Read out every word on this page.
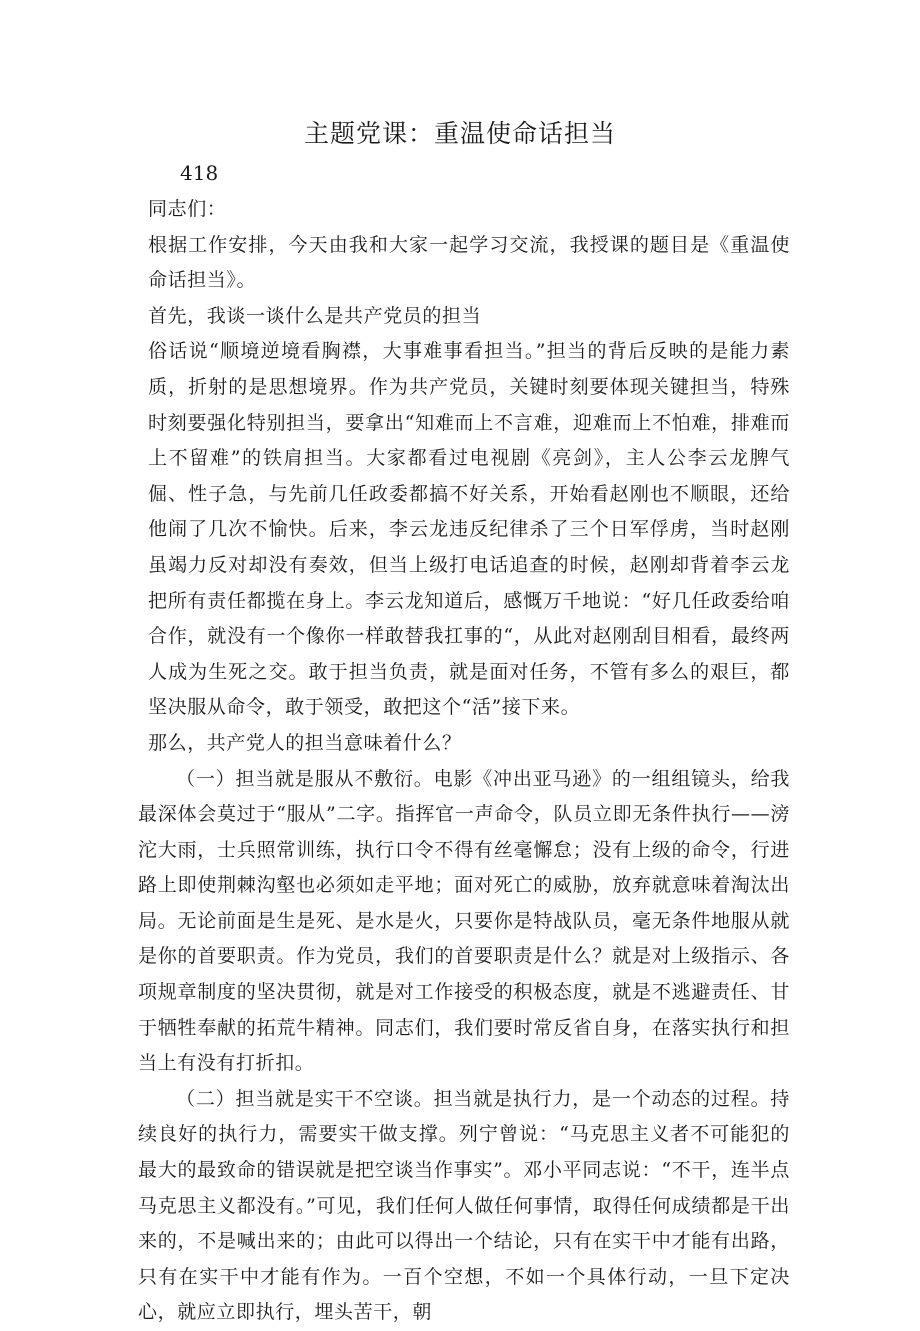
主题党课：重温使命话担当
418

同志们：

根据工作安排，今天由我和大家一起学习交流，我授课的题目是《重温使命话担当》。

首先，我谈一谈什么是共产党员的担当

俗话说“顺境逆境看胸襟，大事难事看担当。”担当的背后反映的是能力素质，折射的是思想境界。作为共产党员，关键时刻要体现关键担当，特殊时刻要强化特别担当，要拿出“知难而上不言难，迎难而上不怕难，排难而上不留难”的铁肩担当。大家都看过电视剧《亮剑》，主人公李云龙脾气倔、性子急，与先前几任政委都搞不好关系，开始看赵刚也不顺眼，还给他闹了几次不愉快。后来，李云龙违反纪律杀了三个日军俘虏，当时赵刚虽竭力反对却没有奏效，但当上级打电话追查的时候，赵刚却背着李云龙把所有责任都揽在身上。李云龙知道后，感慨万千地说：“好几任政委给咱合作，就没有一个像你一样敢替我扛事的“，从此对赵刚刮目相看，最终两人成为生死之交。敢于担当负责，就是面对任务，不管有多么的艰巨，都坚决服从命令，敢于领受，敢把这个“活”接下来。

那么，共产党人的担当意味着什么？

（一）担当就是服从不敷衍。电影《冲出亚马逊》的一组组镜头，给我最深体会莫过于“服从”二字。指挥官一声命令，队员立即无条件执行——滂沱大雨，士兵照常训练，执行口令不得有丝毫懈怠；没有上级的命令，行进路上即使荆棘沟壑也必须如走平地；面对死亡的威胁，放弃就意味着淘汰出局。无论前面是生是死、是水是火，只要你是特战队员，毫无条件地服从就是你的首要职责。作为党员，我们的首要职责是什么？就是对上级指示、各项规章制度的坚决贯彻，就是对工作接受的积极态度，就是不逃避责任、甘于牺牲奉献的拓荒牛精神。同志们，我们要时常反省自身，在落实执行和担当上有没有打折扣。

（二）担当就是实干不空谈。担当就是执行力，是一个动态的过程。持续良好的执行力，需要实干做支撑。列宁曾说：“马克思主义者不可能犯的最大的最致命的错误就是把空谈当作事实”。邓小平同志说：“不干，连半点马克思主义都没有。”可见，我们任何人做任何事情，取得任何成绩都是干出来的，不是喊出来的；由此可以得出一个结论，只有在实干中才能有出路，只有在实干中才能有作为。一百个空想，不如一个具体行动，一旦下定决心，就应立即执行，埋头苦干，朝
